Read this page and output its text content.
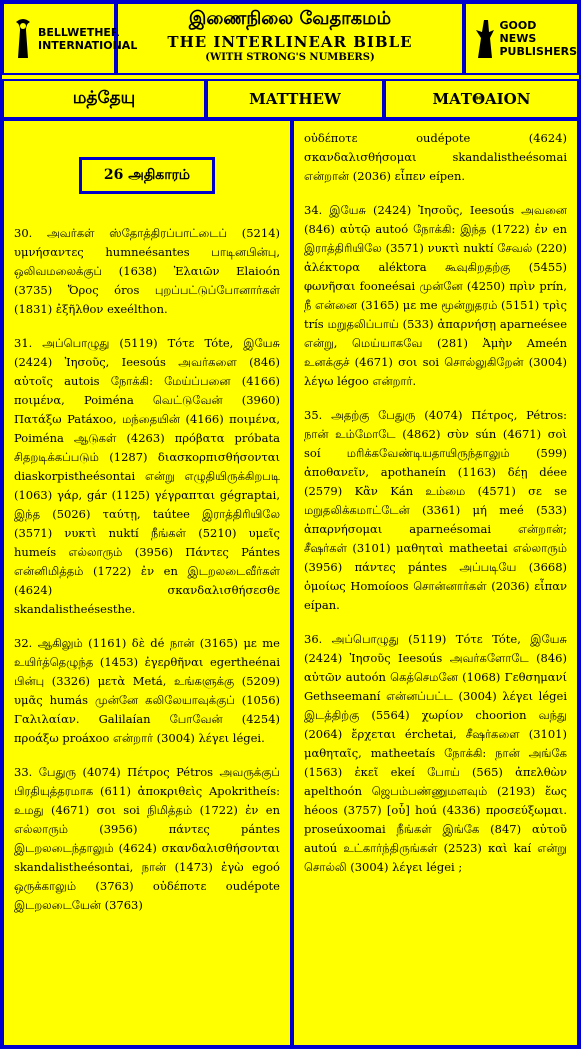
BELLWETHER INTERNATIONAL
இணைநிலை வேதாகமம்
THE INTERLINEAR BIBLE
(WITH STRONG'S NUMBERS)
GOOD NEWS PUBLISHERS
மத்தேயு	MATTHEW	ΜΑΤΘΑΙΟΝ
26 அதிகாரம்

30. அவர்கள் ஸ்தோத்திரப்பாட்டைப் (5214) υμνήσαντες humneésantes பாடினபின்பு, ஒலிவமலைக்குப் (1638) Ἐλαιῶν Elaioón (3735) Ὄρος óros புறப்பட்டுப்போனார்கள் (1831) ἐξῆλθον exeélthon.

31. அப்பொழுது (5119) Τότε Tóte, இயேசு (2424) Ἰησοῦς, Ieesoús அவர்களை (846) αὐτοῖς autois நோக்கி: மேய்ப்பனை (4166) ποιμένα, Poiména வெட்டுவேன் (3960) Πατάξω Patáxoo, மந்தையின் (4166) ποιμένα, Poiména ஆடுகள் (4263) πρόβατα próbata சிதறடிக்கப்படும் (1287) διασκορπισθήσονται diaskorpistheésontai என்று எழுதியிருக்கிறபடி (1063) γάρ, gár (1125) γέγραπται gégraptai, இந்த (5026) ταύτῃ, taútee இராத்திரியிலே (3571) νυκτὶ nuktí நீங்கள் (5210) υμεῖς humeís எல்லாரும் (3956) Πάντες Pántes என்னிமித்தம் (1722) ἐν en இடறலடைவீர்கள் (4624) σκανδαλισθήσεσθε skandalistheésesthe.

32. ஆகிலும் (1161) δὲ dé நான் (3165) με me உயிர்த்தெழுந்த (1453) ἐγερθῆναι egertheénai பின்பு (3326) μετὰ Metá, உங்களுக்கு (5209) υμᾶς humás முன்னே கலிலேயாவுக்குப் (1056) Γαλιλαίαν. Galilaían போவேன் (4254) προάξω proáxoo என்றார் (3004) λέγει légei.

33. பேதுரு (4074) Πέτρος Pétros அவருக்குப் பிரதியுத்தரமாக (611) ἀποκριθεὶς Apokritheís: உமது (4671) σοι soi நிமித்தம் (1722) ἐν en எல்லாரும் (3956) πάντες pántes இடறலடைந்தாலும் (4624) σκανδαλισθήσονται skandalistheésontai, நான் (1473) ἐγὼ egoó ஒருக்காலும் (3763) οὐδέποτε oudépote இடறலடையேன் (3763)

οὐδέποτε oudépote (4624) σκανδαλισθήσομαι skandalistheésomai என்றான் (2036) εἶπεν eípen.

34. இயேசு (2424) Ἰησοῦς, Ieesoús அவனை (846) αὐτῷ autoó நோக்கி: இந்த (1722) ἐν en இராத்திரியிலே (3571) νυκτὶ nuktí சேவல் (220) ἀλέκτορα aléktora கூவுகிறதற்கு (5455) φωνῆσαι fooneésai முன்னே (4250) πρὶν prín, நீ என்னை (3165) με me மூன்றுதரம் (5151) τρὶς trís மறுதலிப்பாய் (533) ἀπαρνήσῃ aparneésee என்று, மெய்யாகவே (281) Ἀμὴν Ameén உனக்குச் (4671) σοι soi சொல்லுகிறேன் (3004) λέγω légoo என்றார்.

35. அதற்கு பேதுரு (4074) Πέτρος, Pétros: நான் உம்மோடே (4862) σὺν sún (4671) σοὶ soí மரிக்கவேண்டியதாயிருந்தாலும் (599) ἀποθανεῖν, apothaneín (1163) δέῃ déee (2579) Κἂν Kán உம்மை (4571) σε se மறுதலிக்கமாட்டேன் (3361) μή meé (533) ἀπαρνήσομαι aparneésomai என்றான்; சீஷர்கள் (3101) μαθηταὶ matheetai எல்லாரும் (3956) πάντες pántes அப்படியே (3668) ὁμοίως Homoíoos சொன்னார்கள் (2036) εἶπαν eípan.

36. அப்பொழுது (5119) Τότε Tóte, இயேசு (2424) Ἰησοῦς Ieesoús அவர்களோடே (846) αὐτῶν autoón கெத்செமனே (1068) Γεθσημανί Gethseemaní என்னப்பட்ட (3004) λέγει légei இடத்திற்கு (5564) χωρίον choorion வந்து (2064) ἔρχεται érchetai, சீஷர்களை (3101) μαθηταῖς, matheetaís நோக்கி: நான் அங்கே (1563) ἐκεῖ ekeí போய் (565) ἀπελθὼν apelthoón ஜெபம்பண்ணுமளவும் (2193) ἕως héoos (3757) [οὗ] hoú (4336) προσεύξωμαι. proseúxoomai நீங்கள் இங்கே (847) αὐτοῦ autoú உட்கார்ந்திருங்கள் (2523) καὶ kaí என்று சொல்லி (3004) λέγει légei ;
